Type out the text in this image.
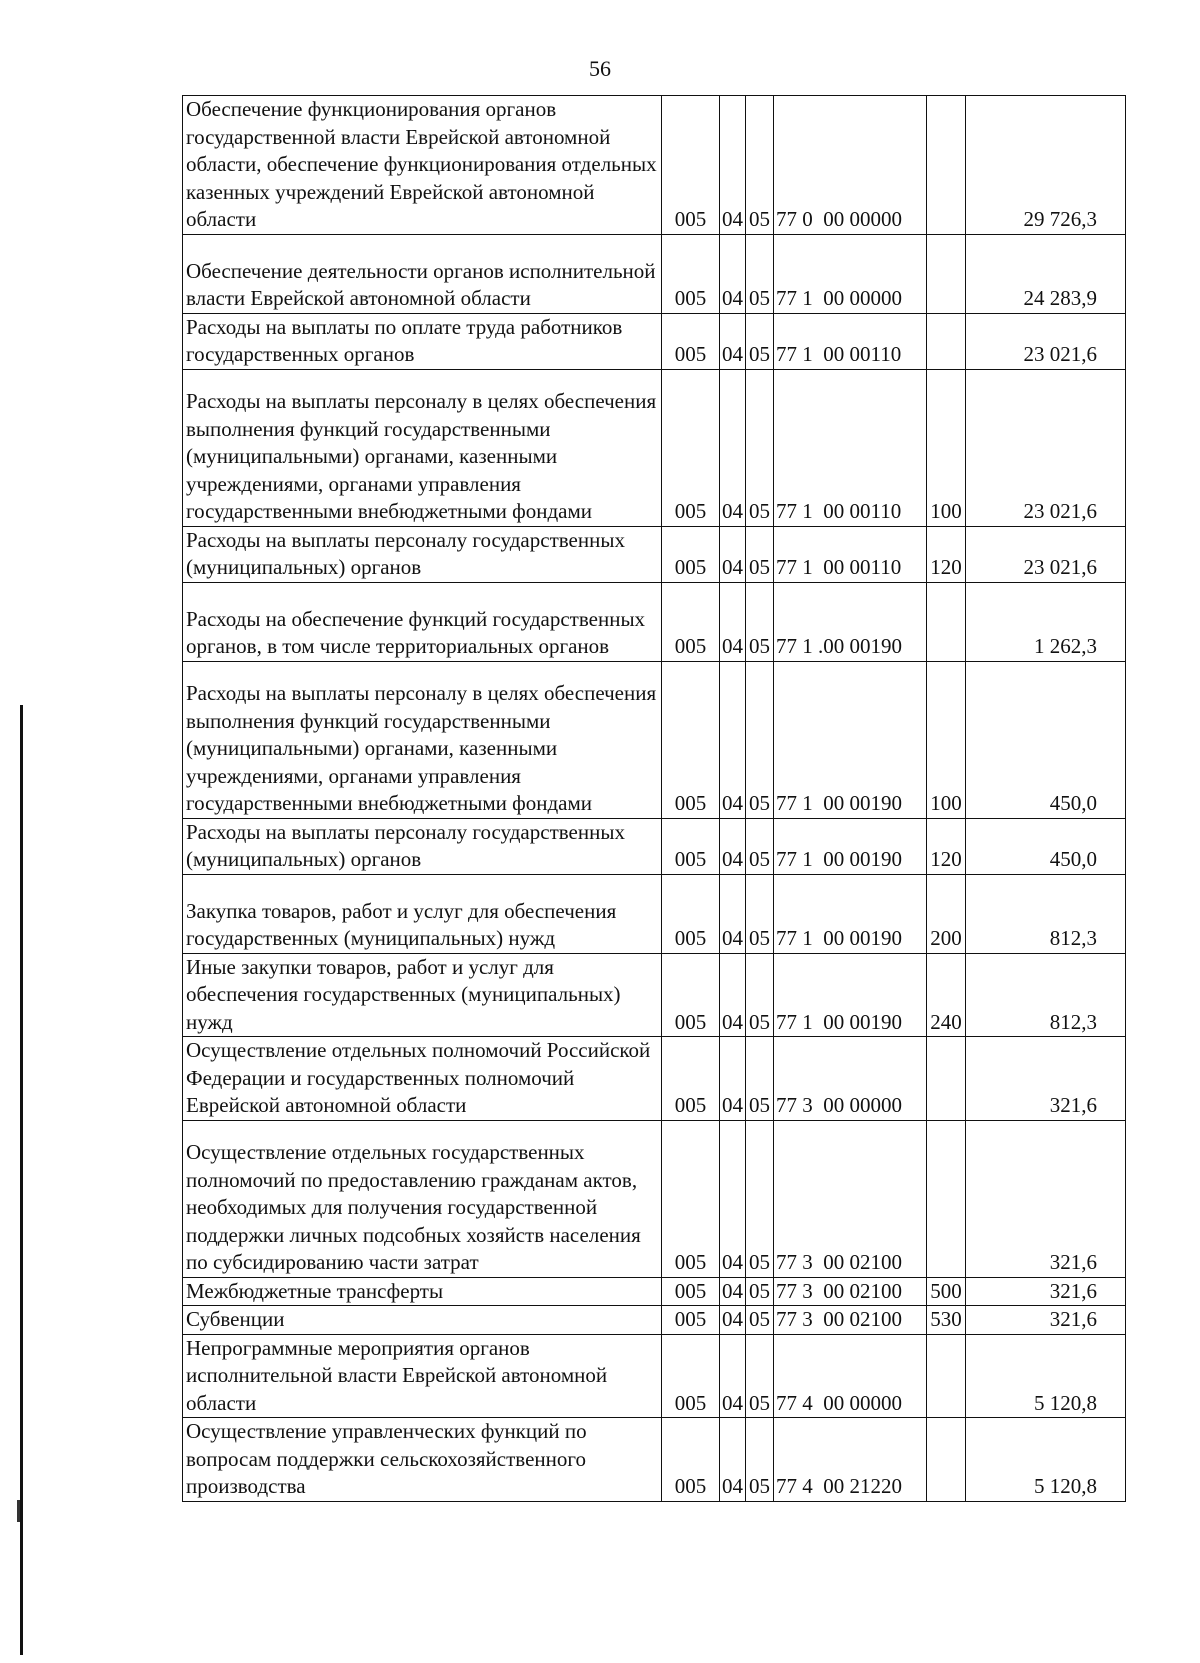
56
Обеспечение функционирования органов государственной власти Еврейской автономной области, обеспечение функционирования отдельных казенных учреждений Еврейской автономной области	005	04	05	77 0  00 00000		29 726,3
Обеспечение деятельности органов исполнительной власти Еврейской автономной области	005	04	05	77 1  00 00000		24 283,9
Расходы на выплаты по оплате труда работников государственных органов	005	04	05	77 1  00 00110		23 021,6
Расходы на выплаты персоналу в целях обеспечения выполнения функций государственными (муниципальными) органами, казенными учреждениями, органами управления государственными внебюджетными фондами	005	04	05	77 1  00 00110	100	23 021,6
Расходы на выплаты персоналу государственных (муниципальных) органов	005	04	05	77 1  00 00110	120	23 021,6
Расходы на обеспечение функций государственных органов, в том числе территориальных органов	005	04	05	77 1 .00 00190		1 262,3
Расходы на выплаты персоналу в целях обеспечения выполнения функций государственными (муниципальными) органами, казенными учреждениями, органами управления государственными внебюджетными фондами	005	04	05	77 1  00 00190	100	450,0
Расходы на выплаты персоналу государственных (муниципальных) органов	005	04	05	77 1  00 00190	120	450,0
Закупка товаров, работ и услуг для обеспечения государственных (муниципальных) нужд	005	04	05	77 1  00 00190	200	812,3
Иные закупки товаров, работ и услуг для обеспечения государственных (муниципальных) нужд	005	04	05	77 1  00 00190	240	812,3
Осуществление отдельных полномочий Российской Федерации и государственных полномочий Еврейской автономной области	005	04	05	77 3  00 00000		321,6
Осуществление отдельных государственных полномочий по предоставлению гражданам актов, необходимых для получения государственной поддержки личных подсобных хозяйств населения по субсидированию части затрат	005	04	05	77 3  00 02100		321,6
Межбюджетные трансферты	005	04	05	77 3  00 02100	500	321,6
Субвенции	005	04	05	77 3  00 02100	530	321,6
Непрограммные мероприятия органов исполнительной власти Еврейской автономной области	005	04	05	77 4  00 00000		5 120,8
Осуществление управленческих функций по вопросам поддержки сельскохозяйственного производства	005	04	05	77 4  00 21220		5 120,8
